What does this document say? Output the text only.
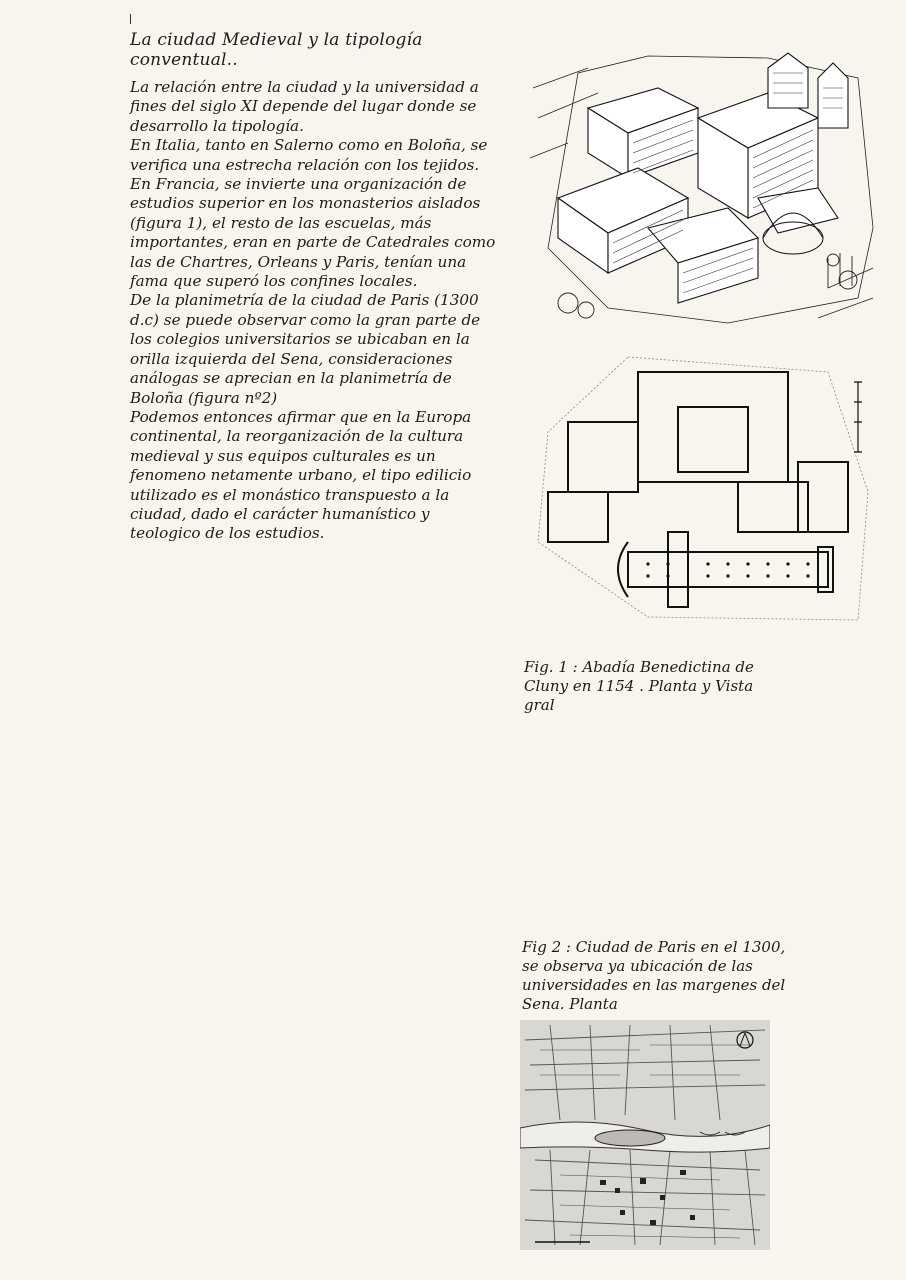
La ciudad Medieval y la tipología conventual..

La relación entre la ciudad y la universidad a fines del siglo XI depende del lugar donde se desarrollo la tipología.

En Italia, tanto en Salerno como en Boloña, se verifica una estrecha relación con los tejidos.

En Francia, se invierte una organización de estudios superior en los monasterios aislados (figura 1), el resto de las escuelas, más importantes, eran en parte de Catedrales como las de Chartres, Orleans y Paris, tenían una fama que superó los confines locales.

De la planimetría de la ciudad de Paris (1300 d.c) se puede observar como la gran parte de los colegios universitarios se ubicaban en la orilla izquierda del Sena, consideraciones análogas se aprecian en la planimetría de Boloña (figura nº2)

Podemos entonces afirmar que en la Europa continental, la reorganización de la cultura medieval y sus equipos culturales es un fenomeno netamente urbano, el tipo edilicio utilizado es el monástico transpuesto a la ciudad, dado el carácter humanístico y teologico de los estudios.

Fig. 1 : Abadía Benedictina de Cluny en 1154 . Planta y Vista gral
Fig 2 : Ciudad de Paris en el 1300, se observa ya ubicación de las universidades en las margenes del Sena. Planta
